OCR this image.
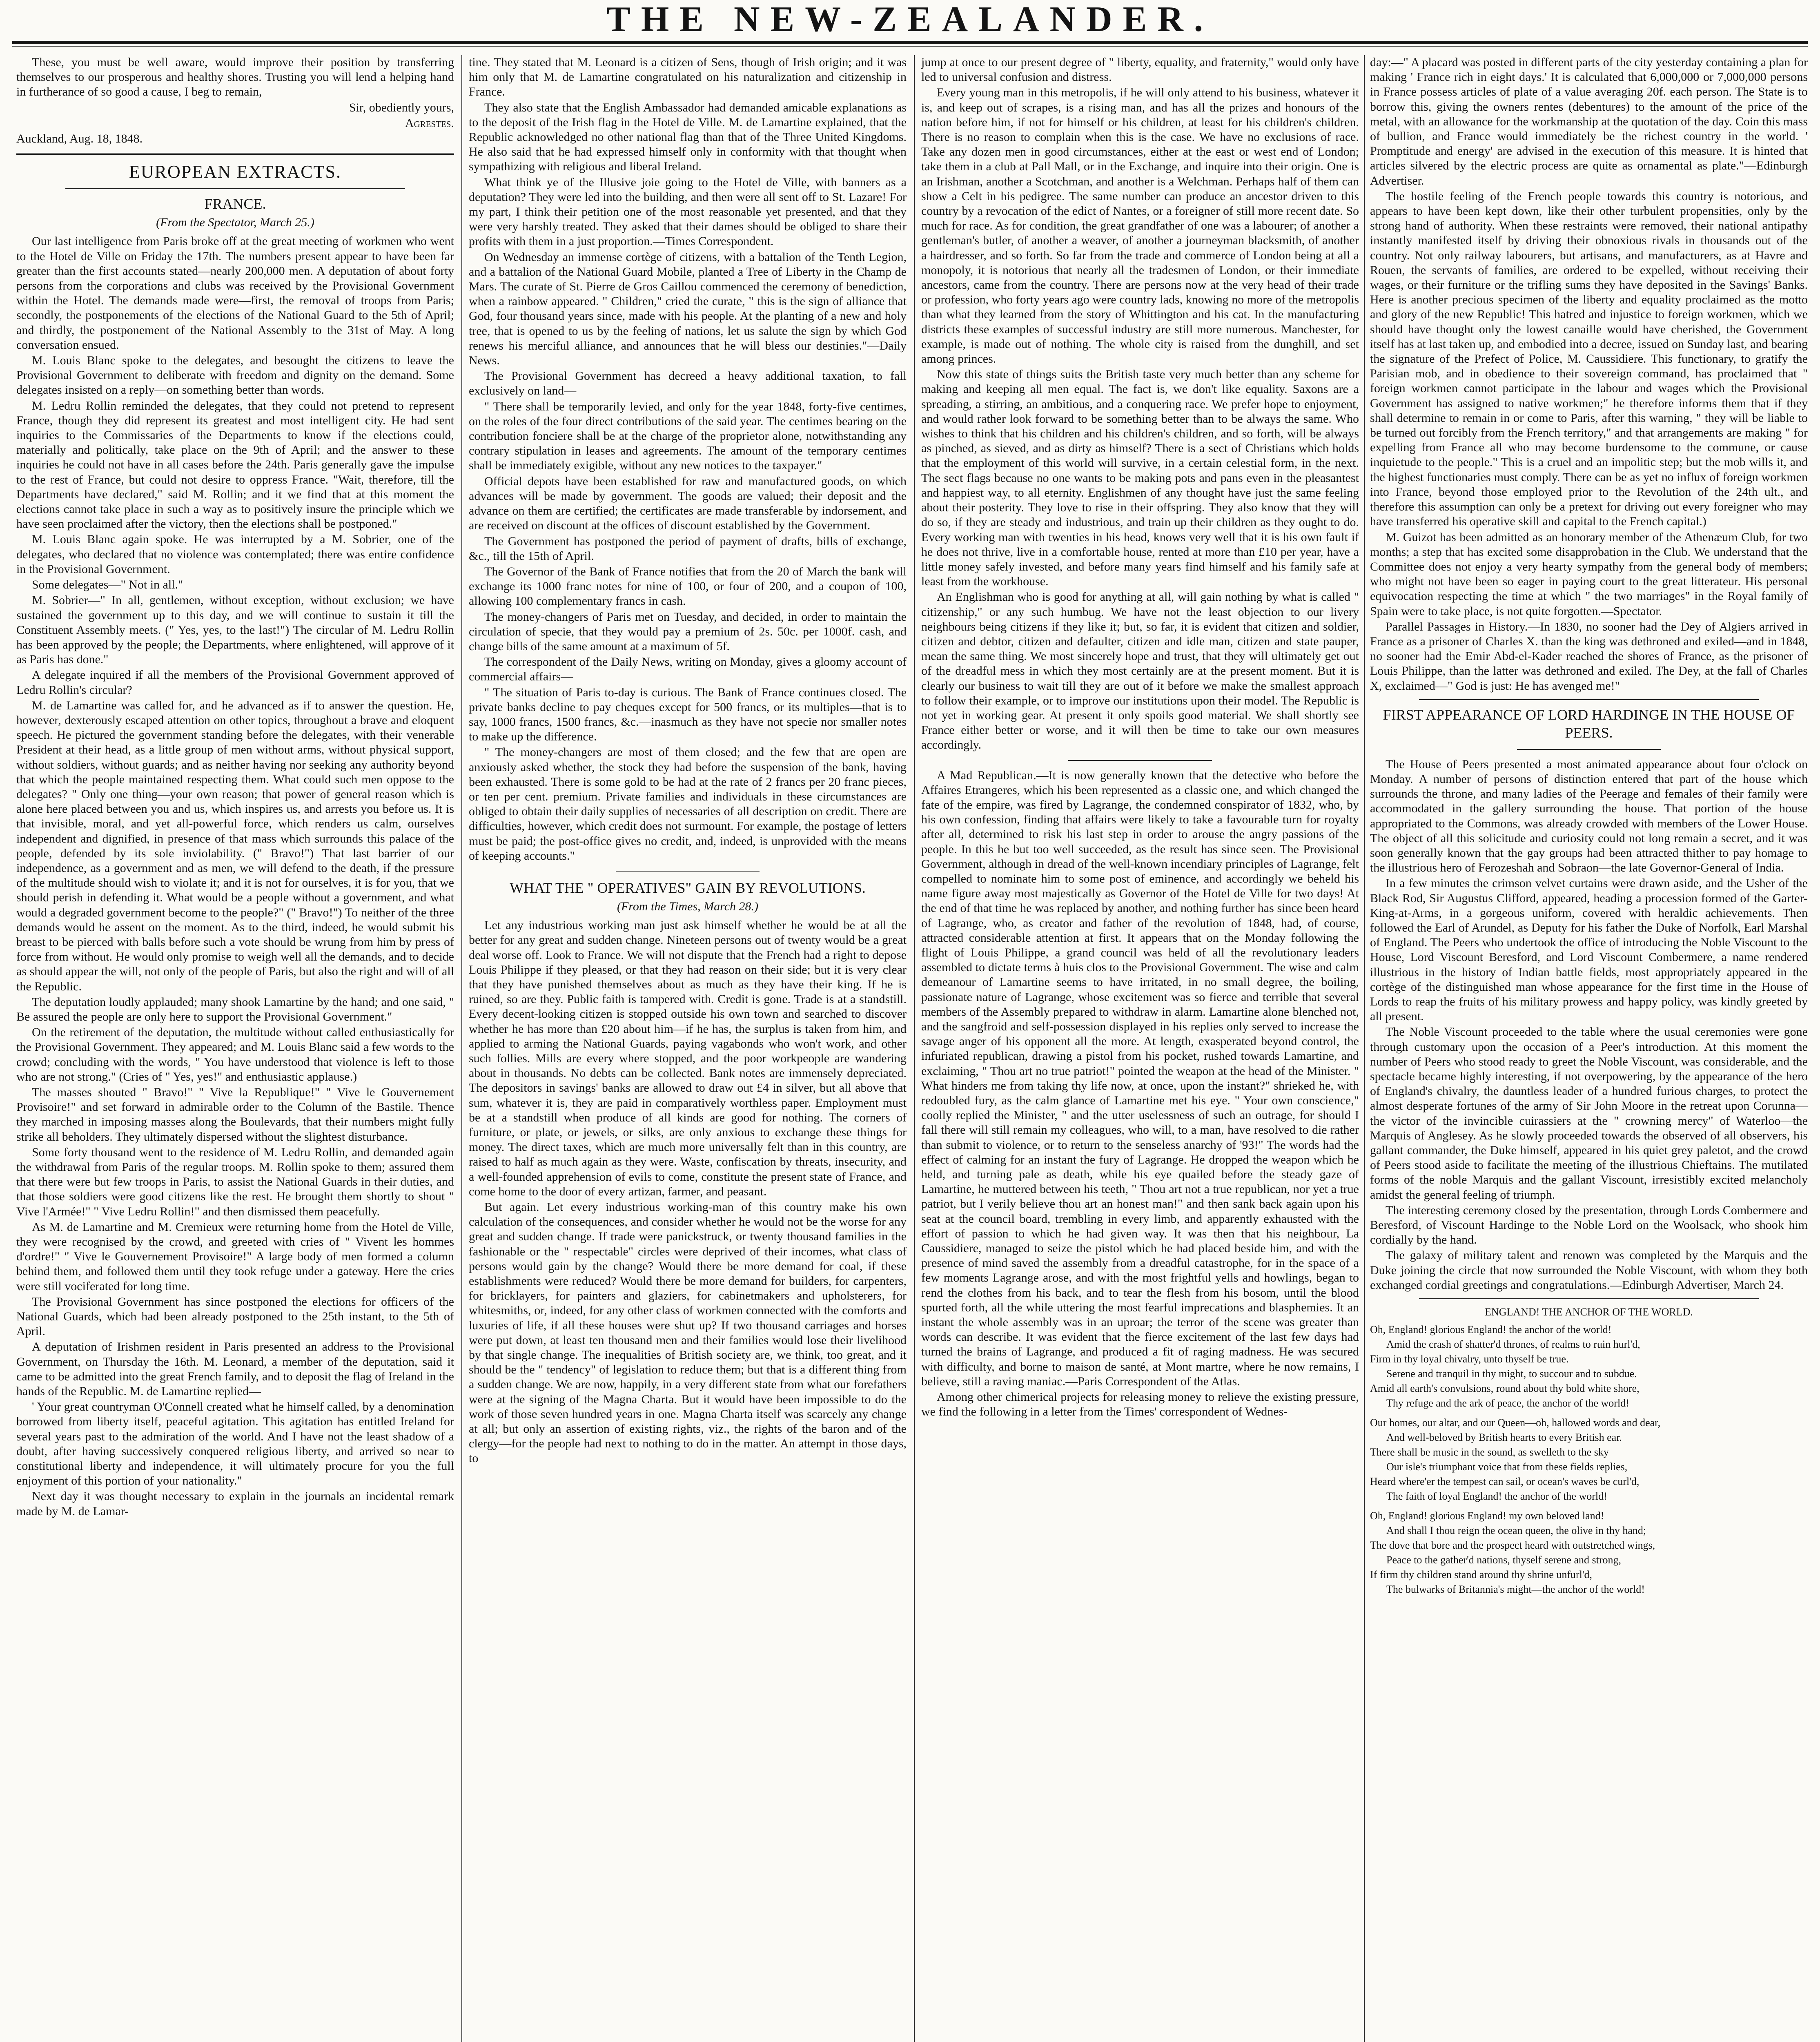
THE NEW-ZEALANDER.

These, you must be well aware, would improve their position by transferring themselves to our prosperous and healthy shores. Trusting you will lend a helping hand in furtherance of so good a cause, I beg to remain,

Sir, obediently yours,

Agrestes.

Auckland, Aug. 18, 1848.

EUROPEAN EXTRACTS.
FRANCE.
(From the Spectator, March 25.)

Our last intelligence from Paris broke off at the great meeting of workmen who went to the Hotel de Ville on Friday the 17th. The numbers present appear to have been far greater than the first accounts stated—nearly 200,000 men. A deputation of about forty persons from the corporations and clubs was received by the Provisional Government within the Hotel. The demands made were—first, the removal of troops from Paris; secondly, the postponements of the elections of the National Guard to the 5th of April; and thirdly, the postponement of the National Assembly to the 31st of May. A long conversation ensued.

M. Louis Blanc spoke to the delegates, and besought the citizens to leave the Provisional Government to deliberate with freedom and dignity on the demand. Some delegates insisted on a reply—on something better than words.

M. Ledru Rollin reminded the delegates, that they could not pretend to represent France, though they did represent its greatest and most intelligent city. He had sent inquiries to the Commissaries of the Departments to know if the elections could, materially and politically, take place on the 9th of April; and the answer to these inquiries he could not have in all cases before the 24th. Paris generally gave the impulse to the rest of France, but could not desire to oppress France. "Wait, therefore, till the Departments have declared," said M. Rollin; and it we find that at this moment the elections cannot take place in such a way as to positively insure the principle which we have seen proclaimed after the victory, then the elections shall be postponed."

M. Louis Blanc again spoke. He was interrupted by a M. Sobrier, one of the delegates, who declared that no violence was contemplated; there was entire confidence in the Provisional Government.

Some delegates—" Not in all."

M. Sobrier—" In all, gentlemen, without exception, without exclusion; we have sustained the government up to this day, and we will continue to sustain it till the Constituent Assembly meets. (" Yes, yes, to the last!") The circular of M. Ledru Rollin has been approved by the people; the Departments, where enlightened, will approve of it as Paris has done."

A delegate inquired if all the members of the Provisional Government approved of Ledru Rollin's circular?

M. de Lamartine was called for, and he advanced as if to answer the question. He, however, dexterously escaped attention on other topics, throughout a brave and eloquent speech. He pictured the government standing before the delegates, with their venerable President at their head, as a little group of men without arms, without physical support, without soldiers, without guards; and as neither having nor seeking any authority beyond that which the people maintained respecting them. What could such men oppose to the delegates? " Only one thing—your own reason; that power of general reason which is alone here placed between you and us, which inspires us, and arrests you before us. It is that invisible, moral, and yet all-powerful force, which renders us calm, ourselves independent and dignified, in presence of that mass which surrounds this palace of the people, defended by its sole inviolability. (" Bravo!") That last barrier of our independence, as a government and as men, we will defend to the death, if the pressure of the multitude should wish to violate it; and it is not for ourselves, it is for you, that we should perish in defending it. What would be a people without a government, and what would a degraded government become to the people?" (" Bravo!") To neither of the three demands would he assent on the moment. As to the third, indeed, he would submit his breast to be pierced with balls before such a vote should be wrung from him by press of force from without. He would only promise to weigh well all the demands, and to decide as should appear the will, not only of the people of Paris, but also the right and will of all the Republic.

The deputation loudly applauded; many shook Lamartine by the hand; and one said, " Be assured the people are only here to support the Provisional Government."

On the retirement of the deputation, the multitude without called enthusiastically for the Provisional Government. They appeared; and M. Louis Blanc said a few words to the crowd; concluding with the words, " You have understood that violence is left to those who are not strong." (Cries of " Yes, yes!" and enthusiastic applause.)

The masses shouted " Bravo!" " Vive la Republique!" " Vive le Gouvernement Provisoire!" and set forward in admirable order to the Column of the Bastile. Thence they marched in imposing masses along the Boulevards, that their numbers might fully strike all beholders. They ultimately dispersed without the slightest disturbance.

Some forty thousand went to the residence of M. Ledru Rollin, and demanded again the withdrawal from Paris of the regular troops. M. Rollin spoke to them; assured them that there were but few troops in Paris, to assist the National Guards in their duties, and that those soldiers were good citizens like the rest. He brought them shortly to shout " Vive l'Armée!" " Vive Ledru Rollin!" and then dismissed them peacefully.

As M. de Lamartine and M. Cremieux were returning home from the Hotel de Ville, they were recognised by the crowd, and greeted with cries of " Vivent les hommes d'ordre!" " Vive le Gouvernement Provisoire!" A large body of men formed a column behind them, and followed them until they took refuge under a gateway. Here the cries were still vociferated for long time.

The Provisional Government has since postponed the elections for officers of the National Guards, which had been already postponed to the 25th instant, to the 5th of April.

A deputation of Irishmen resident in Paris presented an address to the Provisional Government, on Thursday the 16th. M. Leonard, a member of the deputation, said it came to be admitted into the great French family, and to deposit the flag of Ireland in the hands of the Republic. M. de Lamartine replied—

' Your great countryman O'Connell created what he himself called, by a denomination borrowed from liberty itself, peaceful agitation. This agitation has entitled Ireland for several years past to the admiration of the world. And I have not the least shadow of a doubt, after having successively conquered religious liberty, and arrived so near to constitutional liberty and independence, it will ultimately procure for you the full enjoyment of this portion of your nationality."

Next day it was thought necessary to explain in the journals an incidental remark made by M. de Lamar-

tine. They stated that M. Leonard is a citizen of Sens, though of Irish origin; and it was him only that M. de Lamartine congratulated on his naturalization and citizenship in France.

They also state that the English Ambassador had demanded amicable explanations as to the deposit of the Irish flag in the Hotel de Ville. M. de Lamartine explained, that the Republic acknowledged no other national flag than that of the Three United Kingdoms. He also said that he had expressed himself only in conformity with that thought when sympathizing with religious and liberal Ireland.

What think ye of the Illusive joie going to the Hotel de Ville, with banners as a deputation? They were led into the building, and then were all sent off to St. Lazare! For my part, I think their petition one of the most reasonable yet presented, and that they were very harshly treated. They asked that their dames should be obliged to share their profits with them in a just proportion.—Times Correspondent.

On Wednesday an immense cortège of citizens, with a battalion of the Tenth Legion, and a battalion of the National Guard Mobile, planted a Tree of Liberty in the Champ de Mars. The curate of St. Pierre de Gros Caillou commenced the ceremony of benediction, when a rainbow appeared. " Children," cried the curate, " this is the sign of alliance that God, four thousand years since, made with his people. At the planting of a new and holy tree, that is opened to us by the feeling of nations, let us salute the sign by which God renews his merciful alliance, and announces that he will bless our destinies."—Daily News.

The Provisional Government has decreed a heavy additional taxation, to fall exclusively on land—

" There shall be temporarily levied, and only for the year 1848, forty-five centimes, on the roles of the four direct contributions of the said year. The centimes bearing on the contribution fonciere shall be at the charge of the proprietor alone, notwithstanding any contrary stipulation in leases and agreements. The amount of the temporary centimes shall be immediately exigible, without any new notices to the taxpayer."

Official depots have been established for raw and manufactured goods, on which advances will be made by government. The goods are valued; their deposit and the advance on them are certified; the certificates are made transferable by indorsement, and are received on discount at the offices of discount established by the Government.

The Government has postponed the period of payment of drafts, bills of exchange, &c., till the 15th of April.

The Governor of the Bank of France notifies that from the 20 of March the bank will exchange its 1000 franc notes for nine of 100, or four of 200, and a coupon of 100, allowing 100 complementary francs in cash.

The money-changers of Paris met on Tuesday, and decided, in order to maintain the circulation of specie, that they would pay a premium of 2s. 50c. per 1000f. cash, and change bills of the same amount at a maximum of 5f.

The correspondent of the Daily News, writing on Monday, gives a gloomy account of commercial affairs—

" The situation of Paris to-day is curious. The Bank of France continues closed. The private banks decline to pay cheques except for 500 francs, or its multiples—that is to say, 1000 francs, 1500 francs, &c.—inasmuch as they have not specie nor smaller notes to make up the difference.

" The money-changers are most of them closed; and the few that are open are anxiously asked whether, the stock they had before the suspension of the bank, having been exhausted. There is some gold to be had at the rate of 2 francs per 20 franc pieces, or ten per cent. premium. Private families and individuals in these circumstances are obliged to obtain their daily supplies of necessaries of all description on credit. There are difficulties, however, which credit does not surmount. For example, the postage of letters must be paid; the post-office gives no credit, and, indeed, is unprovided with the means of keeping accounts."

WHAT THE " OPERATIVES" GAIN BY REVOLUTIONS.
(From the Times, March 28.)

Let any industrious working man just ask himself whether he would be at all the better for any great and sudden change. Nineteen persons out of twenty would be a great deal worse off. Look to France. We will not dispute that the French had a right to depose Louis Philippe if they pleased, or that they had reason on their side; but it is very clear that they have punished themselves about as much as they have their king. If he is ruined, so are they. Public faith is tampered with. Credit is gone. Trade is at a standstill. Every decent-looking citizen is stopped outside his own town and searched to discover whether he has more than £20 about him—if he has, the surplus is taken from him, and applied to arming the National Guards, paying vagabonds who won't work, and other such follies. Mills are every where stopped, and the poor workpeople are wandering about in thousands. No debts can be collected. Bank notes are immensely depreciated. The depositors in savings' banks are allowed to draw out £4 in silver, but all above that sum, whatever it is, they are paid in comparatively worthless paper. Employment must be at a standstill when produce of all kinds are good for nothing. The corners of furniture, or plate, or jewels, or silks, are only anxious to exchange these things for money. The direct taxes, which are much more universally felt than in this country, are raised to half as much again as they were. Waste, confiscation by threats, insecurity, and a well-founded apprehension of evils to come, constitute the present state of France, and come home to the door of every artizan, farmer, and peasant.

But again. Let every industrious working-man of this country make his own calculation of the consequences, and consider whether he would not be the worse for any great and sudden change. If trade were panickstruck, or twenty thousand families in the fashionable or the " respectable" circles were deprived of their incomes, what class of persons would gain by the change? Would there be more demand for coal, if these establishments were reduced? Would there be more demand for builders, for carpenters, for bricklayers, for painters and glaziers, for cabinetmakers and upholsterers, for whitesmiths, or, indeed, for any other class of workmen connected with the comforts and luxuries of life, if all these houses were shut up? If two thousand carriages and horses were put down, at least ten thousand men and their families would lose their livelihood by that single change. The inequalities of British society are, we think, too great, and it should be the " tendency" of legislation to reduce them; but that is a different thing from a sudden change. We are now, happily, in a very different state from what our forefathers were at the signing of the Magna Charta. But it would have been impossible to do the work of those seven hundred years in one. Magna Charta itself was scarcely any change at all; but only an assertion of existing rights, viz., the rights of the baron and of the clergy—for the people had next to nothing to do in the matter. An attempt in those days, to

jump at once to our present degree of " liberty, equality, and fraternity," would only have led to universal confusion and distress.

Every young man in this metropolis, if he will only attend to his business, whatever it is, and keep out of scrapes, is a rising man, and has all the prizes and honours of the nation before him, if not for himself or his children, at least for his children's children. There is no reason to complain when this is the case. We have no exclusions of race. Take any dozen men in good circumstances, either at the east or west end of London; take them in a club at Pall Mall, or in the Exchange, and inquire into their origin. One is an Irishman, another a Scotchman, and another is a Welchman. Perhaps half of them can show a Celt in his pedigree. The same number can produce an ancestor driven to this country by a revocation of the edict of Nantes, or a foreigner of still more recent date. So much for race. As for condition, the great grandfather of one was a labourer; of another a gentleman's butler, of another a weaver, of another a journeyman blacksmith, of another a hairdresser, and so forth. So far from the trade and commerce of London being at all a monopoly, it is notorious that nearly all the tradesmen of London, or their immediate ancestors, came from the country. There are persons now at the very head of their trade or profession, who forty years ago were country lads, knowing no more of the metropolis than what they learned from the story of Whittington and his cat. In the manufacturing districts these examples of successful industry are still more numerous. Manchester, for example, is made out of nothing. The whole city is raised from the dunghill, and set among princes.

Now this state of things suits the British taste very much better than any scheme for making and keeping all men equal. The fact is, we don't like equality. Saxons are a spreading, a stirring, an ambitious, and a conquering race. We prefer hope to enjoyment, and would rather look forward to be something better than to be always the same. Who wishes to think that his children and his children's children, and so forth, will be always as pinched, as sieved, and as dirty as himself? There is a sect of Christians which holds that the employment of this world will survive, in a certain celestial form, in the next. The sect flags because no one wants to be making pots and pans even in the pleasantest and happiest way, to all eternity. Englishmen of any thought have just the same feeling about their posterity. They love to rise in their offspring. They also know that they will do so, if they are steady and industrious, and train up their children as they ought to do. Every working man with twenties in his head, knows very well that it is his own fault if he does not thrive, live in a comfortable house, rented at more than £10 per year, have a little money safely invested, and before many years find himself and his family safe at least from the workhouse.

An Englishman who is good for anything at all, will gain nothing by what is called " citizenship," or any such humbug. We have not the least objection to our livery neighbours being citizens if they like it; but, so far, it is evident that citizen and soldier, citizen and debtor, citizen and defaulter, citizen and idle man, citizen and state pauper, mean the same thing. We most sincerely hope and trust, that they will ultimately get out of the dreadful mess in which they most certainly are at the present moment. But it is clearly our business to wait till they are out of it before we make the smallest approach to follow their example, or to improve our institutions upon their model. The Republic is not yet in working gear. At present it only spoils good material. We shall shortly see France either better or worse, and it will then be time to take our own measures accordingly.

A Mad Republican.—It is now generally known that the detective who before the Affaires Etrangeres, which his been represented as a classic one, and which changed the fate of the empire, was fired by Lagrange, the condemned conspirator of 1832, who, by his own confession, finding that affairs were likely to take a favourable turn for royalty after all, determined to risk his last step in order to arouse the angry passions of the people. In this he but too well succeeded, as the result has since seen. The Provisional Government, although in dread of the well-known incendiary principles of Lagrange, felt compelled to nominate him to some post of eminence, and accordingly we beheld his name figure away most majestically as Governor of the Hotel de Ville for two days! At the end of that time he was replaced by another, and nothing further has since been heard of Lagrange, who, as creator and father of the revolution of 1848, had, of course, attracted considerable attention at first. It appears that on the Monday following the flight of Louis Philippe, a grand council was held of all the revolutionary leaders assembled to dictate terms à huis clos to the Provisional Government. The wise and calm demeanour of Lamartine seems to have irritated, in no small degree, the boiling, passionate nature of Lagrange, whose excitement was so fierce and terrible that several members of the Assembly prepared to withdraw in alarm. Lamartine alone blenched not, and the sangfroid and self-possession displayed in his replies only served to increase the savage anger of his opponent all the more. At length, exasperated beyond control, the infuriated republican, drawing a pistol from his pocket, rushed towards Lamartine, and exclaiming, " Thou art no true patriot!" pointed the weapon at the head of the Minister. " What hinders me from taking thy life now, at once, upon the instant?" shrieked he, with redoubled fury, as the calm glance of Lamartine met his eye. " Your own conscience," coolly replied the Minister, " and the utter uselessness of such an outrage, for should I fall there will still remain my colleagues, who will, to a man, have resolved to die rather than submit to violence, or to return to the senseless anarchy of '93!" The words had the effect of calming for an instant the fury of Lagrange. He dropped the weapon which he held, and turning pale as death, while his eye quailed before the steady gaze of Lamartine, he muttered between his teeth, " Thou art not a true republican, nor yet a true patriot, but I verily believe thou art an honest man!" and then sank back again upon his seat at the council board, trembling in every limb, and apparently exhausted with the effort of passion to which he had given way. It was then that his neighbour, La Caussidiere, managed to seize the pistol which he had placed beside him, and with the presence of mind saved the assembly from a dreadful catastrophe, for in the space of a few moments Lagrange arose, and with the most frightful yells and howlings, began to rend the clothes from his back, and to tear the flesh from his bosom, until the blood spurted forth, all the while uttering the most fearful imprecations and blasphemies. It an instant the whole assembly was in an uproar; the terror of the scene was greater than words can describe. It was evident that the fierce excitement of the last few days had turned the brains of Lagrange, and produced a fit of raging madness. He was secured with difficulty, and borne to maison de santé, at Mont martre, where he now remains, I believe, still a raving maniac.—Paris Correspondent of the Atlas.

Among other chimerical projects for releasing money to relieve the existing pressure, we find the following in a letter from the Times' correspondent of Wednes-

day:—" A placard was posted in different parts of the city yesterday containing a plan for making ' France rich in eight days.' It is calculated that 6,000,000 or 7,000,000 persons in France possess articles of plate of a value averaging 20f. each person. The State is to borrow this, giving the owners rentes (debentures) to the amount of the price of the metal, with an allowance for the workmanship at the quotation of the day. Coin this mass of bullion, and France would immediately be the richest country in the world. ' Promptitude and energy' are advised in the execution of this measure. It is hinted that articles silvered by the electric process are quite as ornamental as plate."—Edinburgh Advertiser.

The hostile feeling of the French people towards this country is notorious, and appears to have been kept down, like their other turbulent propensities, only by the strong hand of authority. When these restraints were removed, their national antipathy instantly manifested itself by driving their obnoxious rivals in thousands out of the country. Not only railway labourers, but artisans, and manufacturers, as at Havre and Rouen, the servants of families, are ordered to be expelled, without receiving their wages, or their furniture or the trifling sums they have deposited in the Savings' Banks. Here is another precious specimen of the liberty and equality proclaimed as the motto and glory of the new Republic! This hatred and injustice to foreign workmen, which we should have thought only the lowest canaille would have cherished, the Government itself has at last taken up, and embodied into a decree, issued on Sunday last, and bearing the signature of the Prefect of Police, M. Caussidiere. This functionary, to gratify the Parisian mob, and in obedience to their sovereign command, has proclaimed that " foreign workmen cannot participate in the labour and wages which the Provisional Government has assigned to native workmen;" he therefore informs them that if they shall determine to remain in or come to Paris, after this warning, " they will be liable to be turned out forcibly from the French territory," and that arrangements are making " for expelling from France all who may become burdensome to the commune, or cause inquietude to the people." This is a cruel and an impolitic step; but the mob wills it, and the highest functionaries must comply. There can be as yet no influx of foreign workmen into France, beyond those employed prior to the Revolution of the 24th ult., and therefore this assumption can only be a pretext for driving out every foreigner who may have transferred his operative skill and capital to the French capital.)

M. Guizot has been admitted as an honorary member of the Athenæum Club, for two months; a step that has excited some disapprobation in the Club. We understand that the Committee does not enjoy a very hearty sympathy from the general body of members; who might not have been so eager in paying court to the great litterateur. His personal equivocation respecting the time at which " the two marriages" in the Royal family of Spain were to take place, is not quite forgotten.—Spectator.

Parallel Passages in History.—In 1830, no sooner had the Dey of Algiers arrived in France as a prisoner of Charles X. than the king was dethroned and exiled—and in 1848, no sooner had the Emir Abd-el-Kader reached the shores of France, as the prisoner of Louis Philippe, than the latter was dethroned and exiled. The Dey, at the fall of Charles X, exclaimed—" God is just: He has avenged me!"

FIRST APPEARANCE OF LORD HARDINGE IN THE HOUSE OF PEERS.

The House of Peers presented a most animated appearance about four o'clock on Monday. A number of persons of distinction entered that part of the house which surrounds the throne, and many ladies of the Peerage and females of their family were accommodated in the gallery surrounding the house. That portion of the house appropriated to the Commons, was already crowded with members of the Lower House. The object of all this solicitude and curiosity could not long remain a secret, and it was soon generally known that the gay groups had been attracted thither to pay homage to the illustrious hero of Ferozeshah and Sobraon—the late Governor-General of India.

In a few minutes the crimson velvet curtains were drawn aside, and the Usher of the Black Rod, Sir Augustus Clifford, appeared, heading a procession formed of the Garter-King-at-Arms, in a gorgeous uniform, covered with heraldic achievements. Then followed the Earl of Arundel, as Deputy for his father the Duke of Norfolk, Earl Marshal of England. The Peers who undertook the office of introducing the Noble Viscount to the House, Lord Viscount Beresford, and Lord Viscount Combermere, a name rendered illustrious in the history of Indian battle fields, most appropriately appeared in the cortège of the distinguished man whose appearance for the first time in the House of Lords to reap the fruits of his military prowess and happy policy, was kindly greeted by all present.

The Noble Viscount proceeded to the table where the usual ceremonies were gone through customary upon the occasion of a Peer's introduction. At this moment the number of Peers who stood ready to greet the Noble Viscount, was considerable, and the spectacle became highly interesting, if not overpowering, by the appearance of the hero of England's chivalry, the dauntless leader of a hundred furious charges, to protect the almost desperate fortunes of the army of Sir John Moore in the retreat upon Corunna—the victor of the invincible cuirassiers at the " crowning mercy" of Waterloo—the Marquis of Anglesey. As he slowly proceeded towards the observed of all observers, his gallant commander, the Duke himself, appeared in his quiet grey paletot, and the crowd of Peers stood aside to facilitate the meeting of the illustrious Chieftains. The mutilated forms of the noble Marquis and the gallant Viscount, irresistibly excited melancholy amidst the general feeling of triumph.

The interesting ceremony closed by the presentation, through Lords Combermere and Beresford, of Viscount Hardinge to the Noble Lord on the Woolsack, who shook him cordially by the hand.

The galaxy of military talent and renown was completed by the Marquis and the Duke joining the circle that now surrounded the Noble Viscount, with whom they both exchanged cordial greetings and congratulations.—Edinburgh Advertiser, March 24.

ENGLAND! THE ANCHOR OF THE WORLD.

Oh, England! glorious England! the anchor of the world!

Amid the crash of shatter'd thrones, of realms to ruin hurl'd,

Firm in thy loyal chivalry, unto thyself be true.

Serene and tranquil in thy might, to succour and to subdue.

Amid all earth's convulsions, round about thy bold white shore,

Thy refuge and the ark of peace, the anchor of the world!

Our homes, our altar, and our Queen—oh, hallowed words and dear,

And well-beloved by British hearts to every British ear.

There shall be music in the sound, as swelleth to the sky

Our isle's triumphant voice that from these fields replies,

Heard where'er the tempest can sail, or ocean's waves be curl'd,

The faith of loyal England! the anchor of the world!

Oh, England! glorious England! my own beloved land!

And shall I thou reign the ocean queen, the olive in thy hand;

The dove that bore and the prospect heard with outstretched wings,

Peace to the gather'd nations, thyself serene and strong,

If firm thy children stand around thy shrine unfurl'd,

The bulwarks of Britannia's might—the anchor of the world!
